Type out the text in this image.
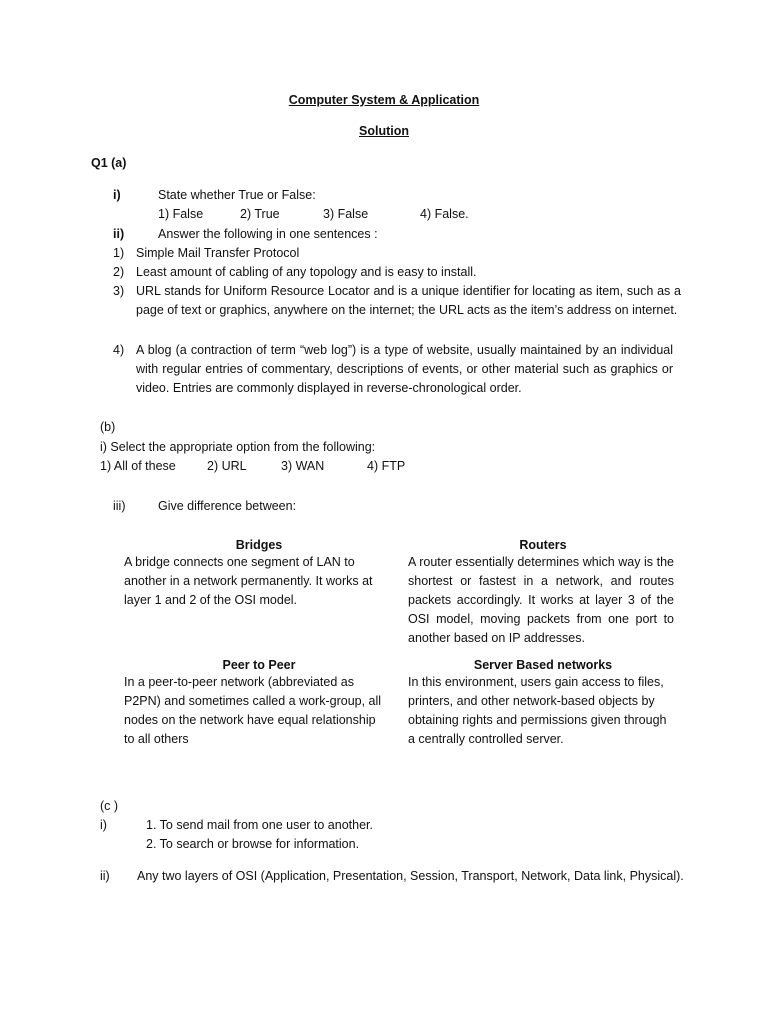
Computer System & Application
Solution
Q1 (a)
i)	State whether True or False:
1) False	2) True	3) False	4) False.
ii)	Answer the following in one sentences :
1) Simple Mail Transfer Protocol
2) Least amount of cabling of any topology and is easy to install.
3) URL stands for Uniform Resource Locator and is a unique identifier for locating as item, such as a page of text or graphics, anywhere on the internet; the URL acts as the item’s address on internet.
4) A blog (a contraction of term “web log”) is a type of website, usually maintained by an individual with regular entries of commentary, descriptions of events, or other material such as graphics or video. Entries are commonly displayed in reverse-chronological order.
(b)
i) Select the appropriate option from the following:
1) All of these	2) URL	3) WAN	4) FTP
iii)	Give difference between:
Bridges
A bridge connects one segment of LAN to another in a network permanently. It works at layer 1 and 2 of the OSI model.
Routers
A router essentially determines which way is the shortest or fastest in a network, and routes packets accordingly. It works at layer 3 of the OSI model, moving packets from one port to another based on IP addresses.
Peer to Peer
In a peer-to-peer network (abbreviated as P2PN) and sometimes called a work-group, all nodes on the network have equal relationship to all others
Server Based networks
In this environment, users gain access to files, printers, and other network-based objects by obtaining rights and permissions given through a centrally controlled server.
(c )
i)	1. To send mail from one user to another.
2. To search or browse for information.
ii) Any two layers of OSI (Application, Presentation, Session, Transport, Network, Data link, Physical).
